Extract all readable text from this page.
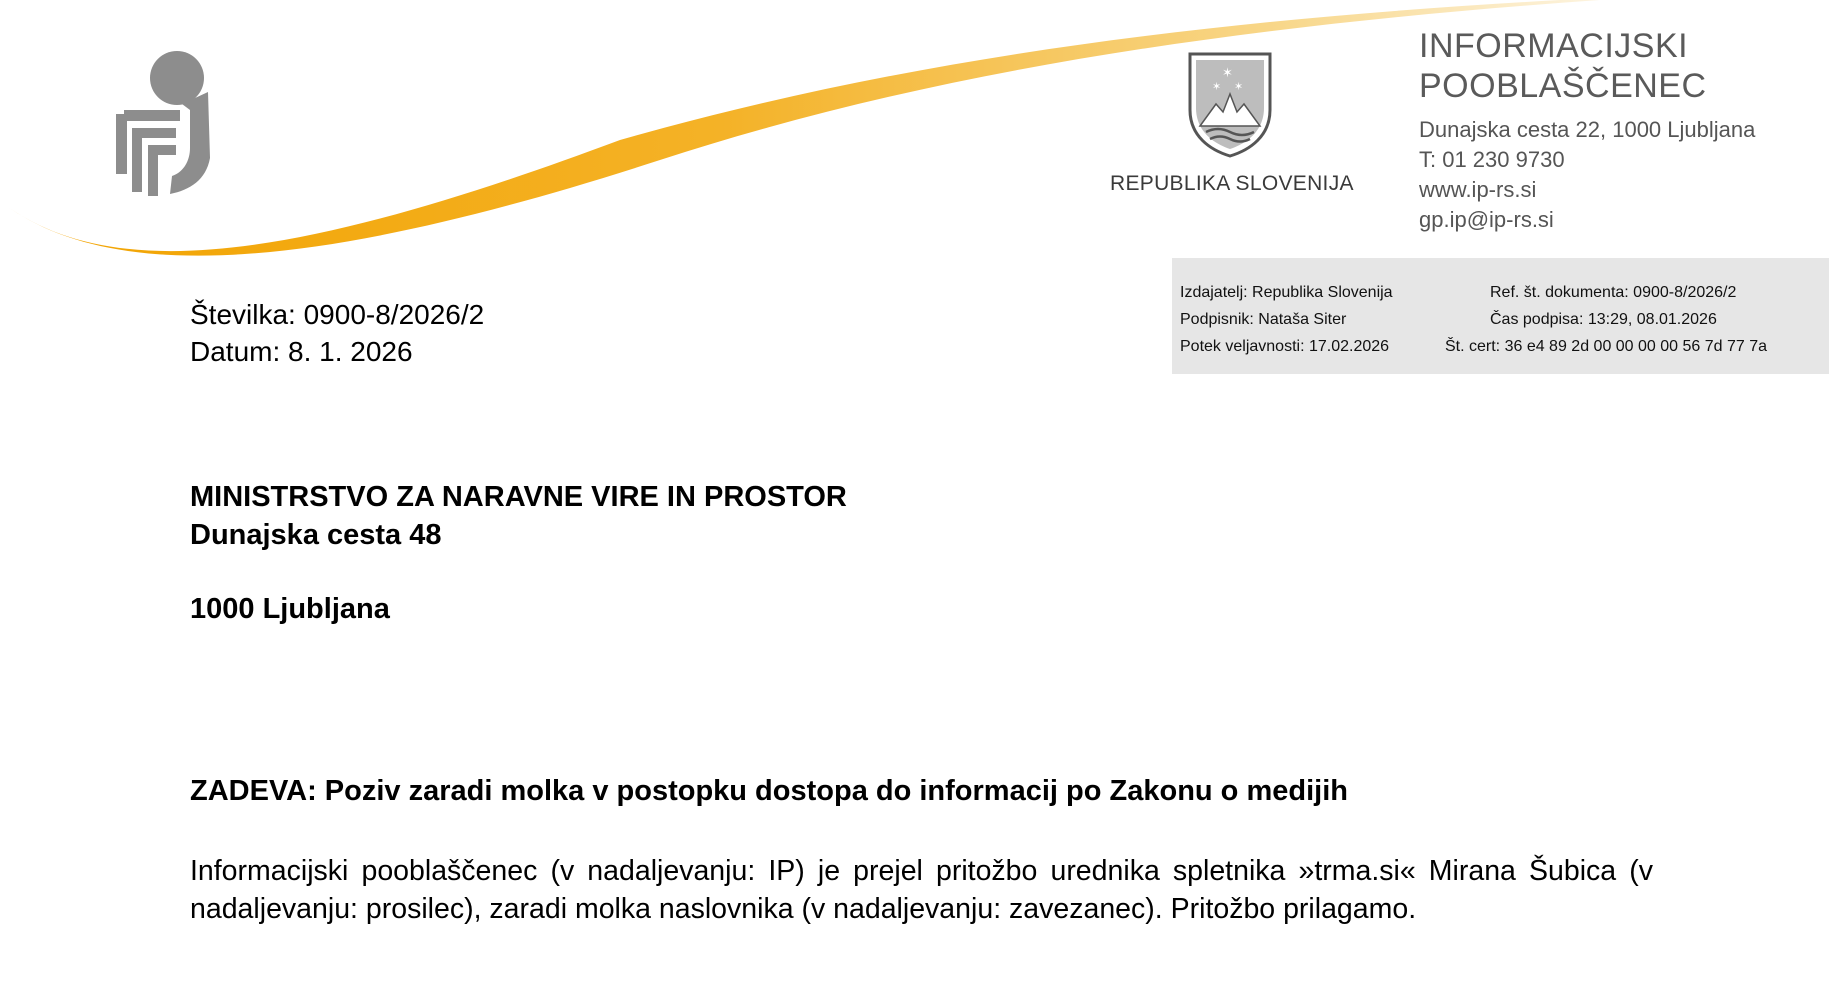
✶
✶ ✶
REPUBLIKA SLOVENIJA
INFORMACIJSKI
POOBLAŠČENEC
Dunajska cesta 22, 1000 Ljubljana
T: 01 230 9730
www.ip-rs.si
gp.ip@ip-rs.si
Izdajatelj: Republika Slovenija
Podpisnik: Nataša Siter
Potek veljavnosti: 17.02.2026
Ref. št. dokumenta: 0900-8/2026/2
Čas podpisa: 13:29, 08.01.2026
Št. cert: 36 e4 89 2d 00 00 00 00 56 7d 77 7a
Številka: 0900-8/2026/2
Datum: 8. 1. 2026
MINISTRSTVO ZA NARAVNE VIRE IN PROSTOR
Dunajska cesta 48
1000 Ljubljana
ZADEVA: Poziv zaradi molka v postopku dostopa do informacij po Zakonu o medijih
Informacijski pooblaščenec (v nadaljevanju: IP) je prejel pritožbo urednika spletnika »trma.si« Mirana Šubica (v nadaljevanju: prosilec), zaradi molka naslovnika (v nadaljevanju: zavezanec). Pritožbo prilagamo.
